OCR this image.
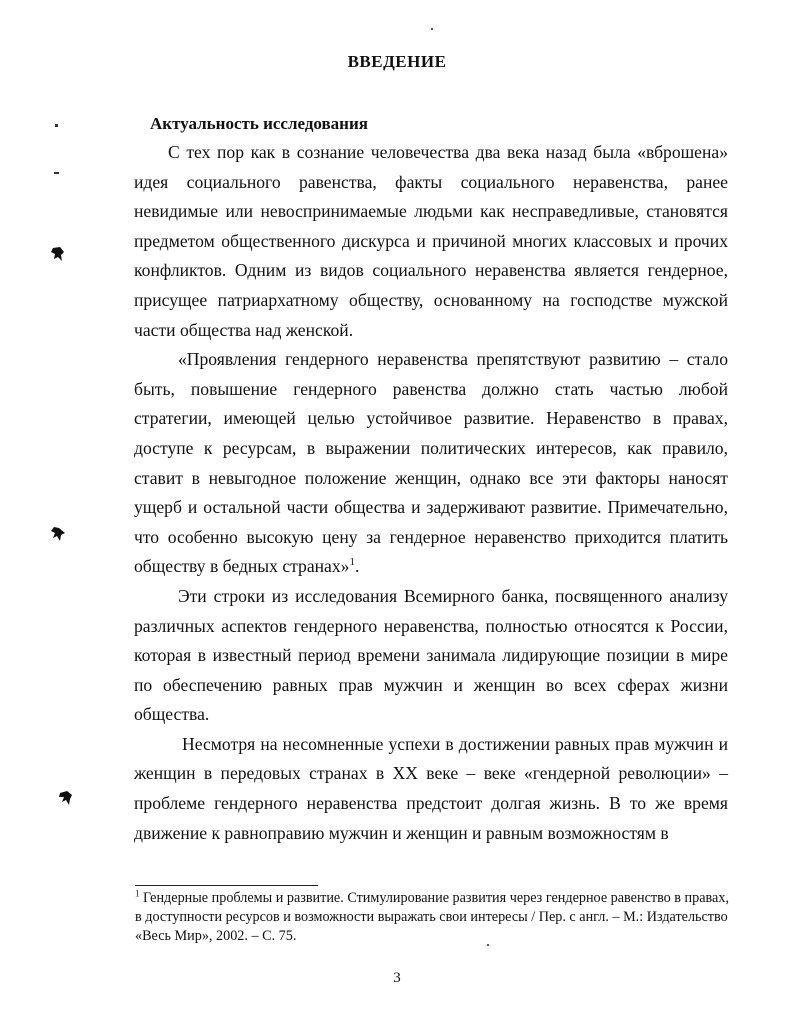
ВВЕДЕНИЕ
Актуальность исследования

С тех пор как в сознание человечества два века назад была «вброшена» идея социального равенства, факты социального неравенства, ранее невидимые или невоспринимаемые людьми как несправедливые, становятся предметом общественного дискурса и причиной многих классовых и прочих конфликтов. Одним из видов социального неравенства является гендерное, присущее патриархатному обществу, основанному на господстве мужской части общества над женской.

«Проявления гендерного неравенства препятствуют развитию – стало быть, повышение гендерного равенства должно стать частью любой стратегии, имеющей целью устойчивое развитие. Неравенство в правах, доступе к ресурсам, в выражении политических интересов, как правило, ставит в невыгодное положение женщин, однако все эти факторы наносят ущерб и остальной части общества и задерживают развитие. Примечательно, что особенно высокую цену за гендерное неравенство приходится платить обществу в бедных странах»$^1$.

Эти строки из исследования Всемирного банка, посвященного анализу различных аспектов гендерного неравенства, полностью относятся к России, которая в известный период времени занимала лидирующие позиции в мире по обеспечению равных прав мужчин и женщин во всех сферах жизни общества.

Несмотря на несомненные успехи в достижении равных прав мужчин и женщин в передовых странах в XX веке – веке «гендерной революции» – проблеме гендерного неравенства предстоит долгая жизнь. В то же время движение к равноправию мужчин и женщин и равным возможностям в

$^1$ Гендерные проблемы и развитие. Стимулирование развития через гендерное равенство в правах, в доступности ресурсов и возможности выражать свои интересы / Пер. с англ. – М.: Издательство «Весь Мир», 2002. – С. 75.
3
